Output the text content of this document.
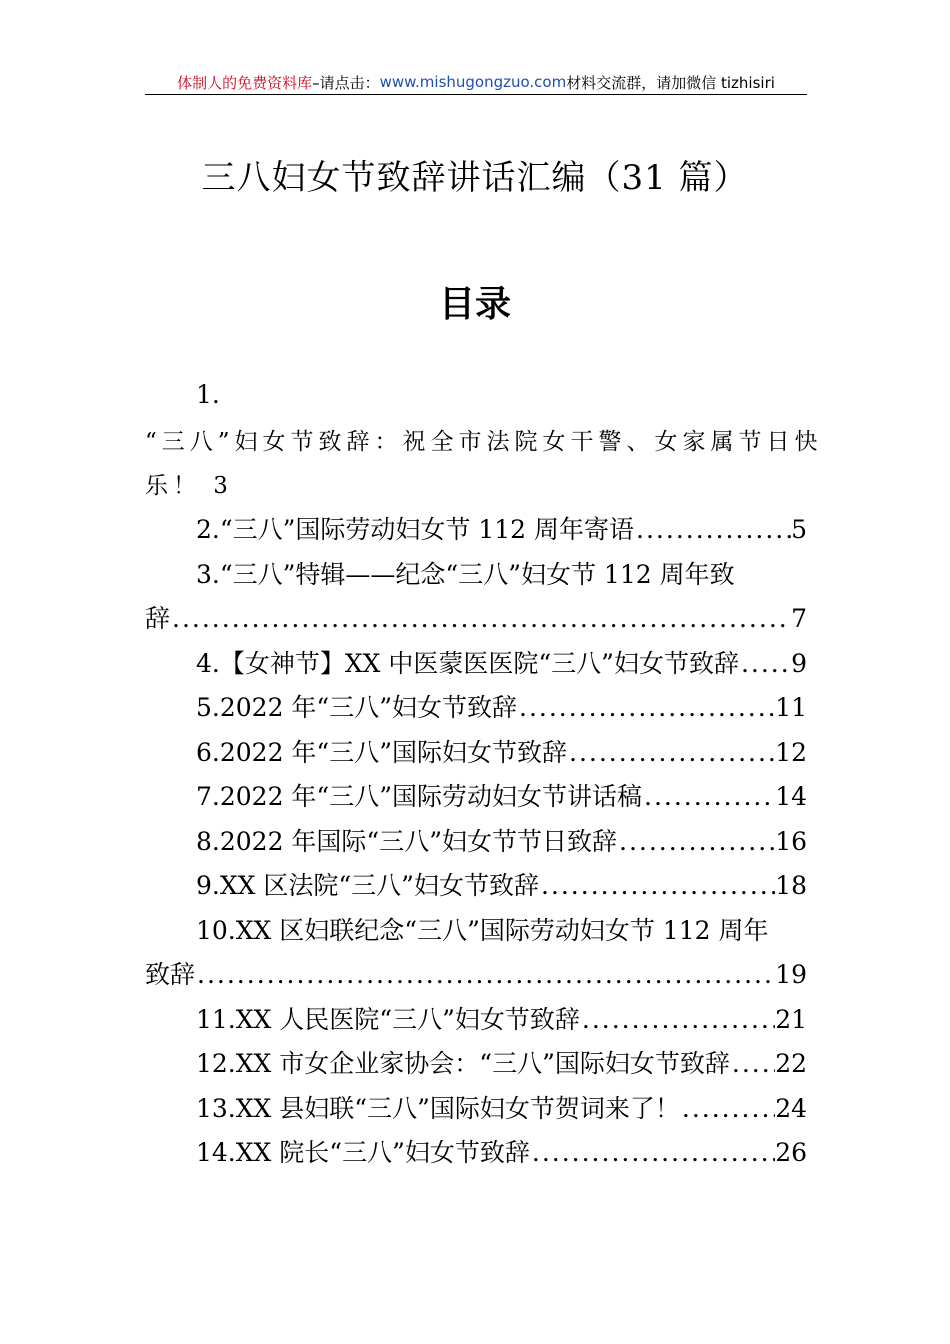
体制人的免费资料库 –请点击： www.mishugongzuo.com 材料交流群，请加微信 tizhisiri
三八妇女节致辞讲话汇编（31 篇）
目录
1.
“三八”妇女节致辞：祝全市法院女干警、女家属节日快
乐！ 3
2.“三八”国际劳动妇女节 112 周年寄语 .....	5
3.“三八”特辑——纪念“三八”妇女节 112 周年致
辞 .....	7
4.【女神节】XX 中医蒙医医院“三八”妇女节致辞 ..... 9
5.2022 年“三八”妇女节致辞 .....	11
6.2022 年“三八”国际妇女节致辞 .....	12
7.2022 年“三八”国际劳动妇女节讲话稿 .....	14
8.2022 年国际“三八”妇女节节日致辞 .....	16
9.XX 区法院“三八”妇女节致辞 .....	18
10.XX 区妇联纪念“三八”国际劳动妇女节 112 周年
致辞 .....	19
11.XX 人民医院“三八”妇女节致辞 .....	21
12.XX 市女企业家协会：“三八”国际妇女节致辞 ..... 22
13.XX 县妇联“三八”国际妇女节贺词来了！ .....	24
14.XX 院长“三八”妇女节致辞 .....	26
